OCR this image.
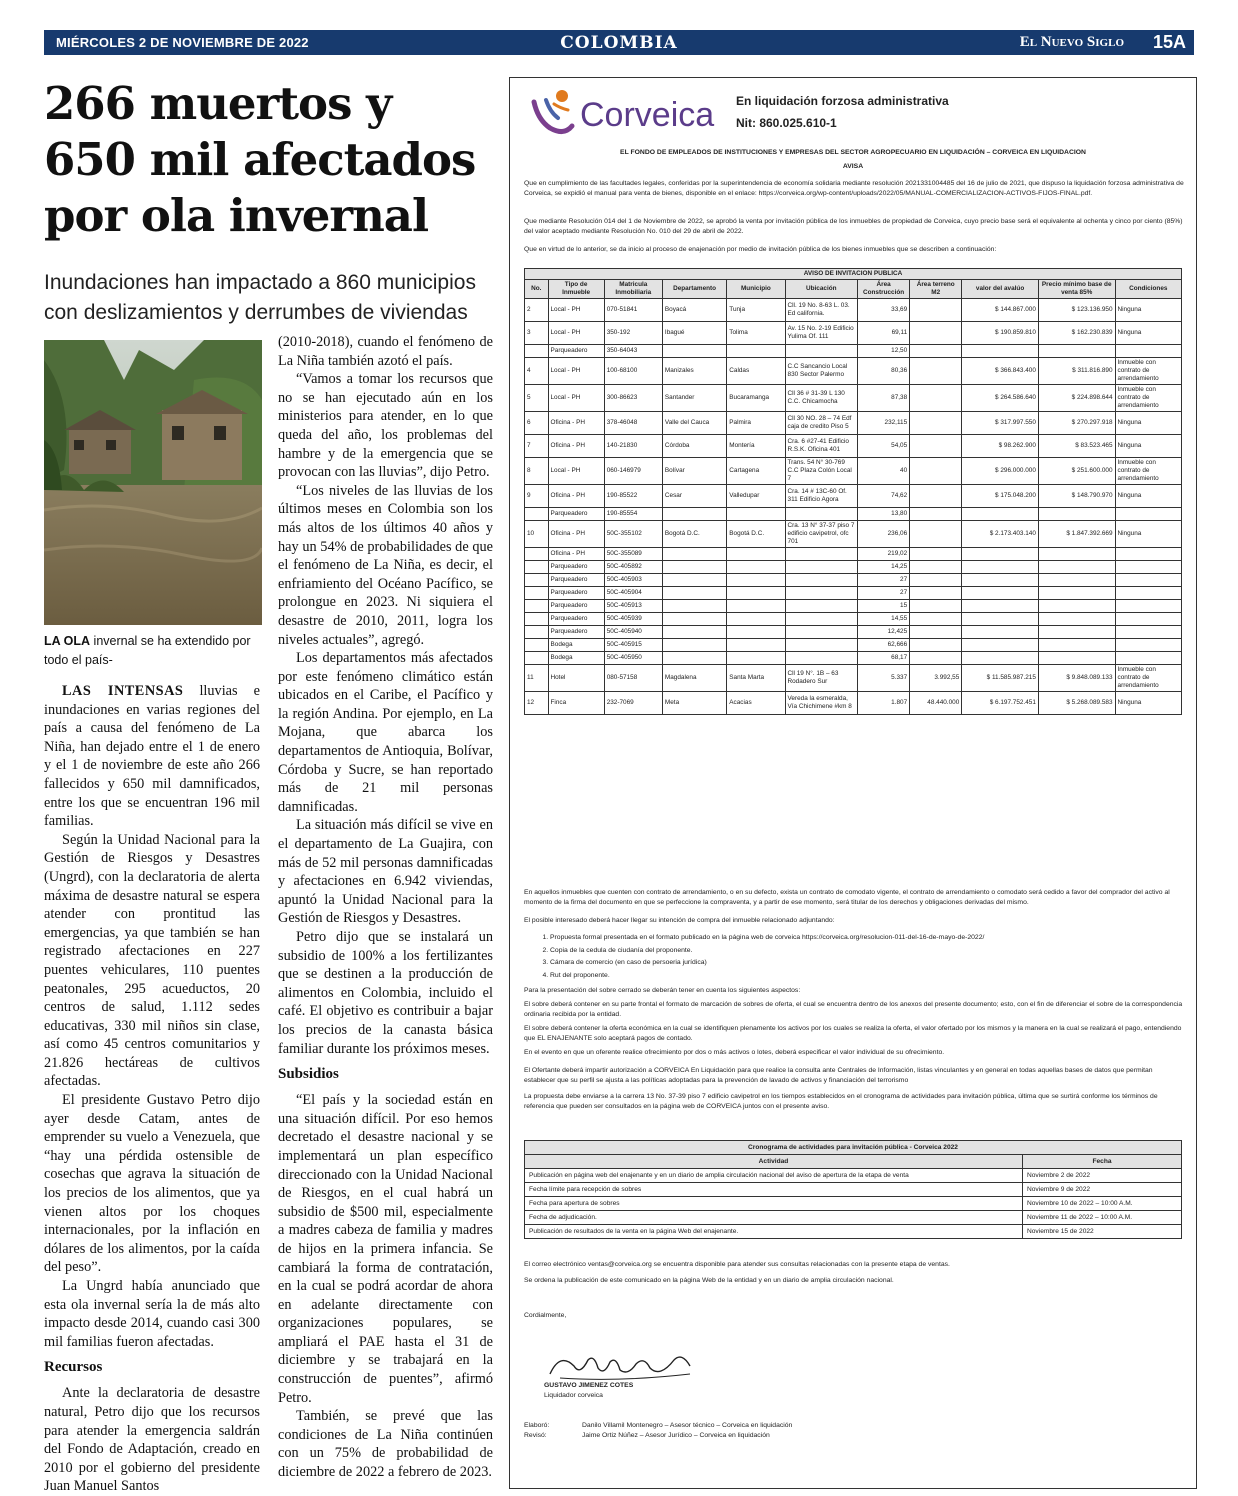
MIÉRCOLES 2 DE NOVIEMBRE DE 2022	COLOMBIA	El Nuevo Siglo 15A
266 muertos y
650 mil afectados
por ola invernal

Inundaciones han impactado a 860 municipios con deslizamientos y derrumbes de viviendas

LA OLA invernal se ha extendido por todo el país-

LAS INTENSAS lluvias e inundaciones en varias regiones del país a causa del fenómeno de La Niña, han dejado entre el 1 de enero y el 1 de noviembre de este año 266 fallecidos y 650 mil damnificados, entre los que se encuentran 196 mil familias.

Según la Unidad Nacional para la Gestión de Riesgos y Desastres (Ungrd), con la declaratoria de alerta máxima de desastre natural se espera atender con prontitud las emergencias, ya que también se han registrado afectaciones en 227 puentes vehiculares, 110 puentes peatonales, 295 acueductos, 20 centros de salud, 1.112 sedes educativas, 330 mil niños sin clase, así como 45 centros comunitarios y 21.826 hectáreas de cultivos afectadas.

El presidente Gustavo Petro dijo ayer desde Catam, antes de emprender su vuelo a Venezuela, que “hay una pérdida ostensible de cosechas que agrava la situación de los precios de los alimentos, que ya vienen altos por los choques internacionales, por la inflación en dólares de los alimentos, por la caída del peso”.

La Ungrd había anunciado que esta ola invernal sería la de más alto impacto desde 2014, cuando casi 300 mil familias fueron afectadas.

Recursos

Ante la declaratoria de desastre natural, Petro dijo que los recursos para atender la emergencia saldrán del Fondo de Adaptación, creado en 2010 por el gobierno del presidente Juan Manuel Santos

(2010-2018), cuando el fenómeno de La Niña también azotó el país.

“Vamos a tomar los recursos que no se han ejecutado aún en los ministerios para atender, en lo que queda del año, los problemas del hambre y de la emergencia que se provocan con las lluvias”, dijo Petro.

“Los niveles de las lluvias de los últimos meses en Colombia son los más altos de los últimos 40 años y hay un 54% de probabilidades de que el fenómeno de La Niña, es decir, el enfriamiento del Océano Pacífico, se prolongue en 2023. Ni siquiera el desastre de 2010, 2011, logra los niveles actuales”, agregó.

Los departamentos más afectados por este fenómeno climático están ubicados en el Caribe, el Pacífico y la región Andina. Por ejemplo, en La Mojana, que abarca los departamentos de Antioquia, Bolívar, Córdoba y Sucre, se han reportado más de 21 mil personas damnificadas.

La situación más difícil se vive en el departamento de La Guajira, con más de 52 mil personas damnificadas y afectaciones en 6.942 viviendas, apuntó la Unidad Nacional para la Gestión de Riesgos y Desastres.

Petro dijo que se instalará un subsidio de 100% a los fertilizantes que se destinen a la producción de alimentos en Colombia, incluido el café. El objetivo es contribuir a bajar los precios de la canasta básica familiar durante los próximos meses.

Subsidios

“El país y la sociedad están en una situación difícil. Por eso hemos decretado el desastre nacional y se implementará un plan específico direccionado con la Unidad Nacional de Riesgos, en el cual habrá un subsidio de $500 mil, especialmente a madres cabeza de familia y madres de hijos en la primera infancia. Se cambiará la forma de contratación, en la cual se podrá acordar de ahora en adelante directamente con organizaciones populares, se ampliará el PAE hasta el 31 de diciembre y se trabajará en la construcción de puentes”, afirmó Petro.

También, se prevé que las condiciones de La Niña continúen con un 75% de probabilidad de diciembre de 2022 a febrero de 2023.

Corveica En liquidación forzosa administrativa
Nit: 860.025.610-1
EL FONDO DE EMPLEADOS DE INSTITUCIONES Y EMPRESAS DEL SECTOR AGROPECUARIO EN LIQUIDACIÓN – CORVEICA EN LIQUIDACION
AVISA

Que en cumplimiento de las facultades legales, conferidas por la superintendencia de economía solidaria mediante resolución 2021331004485 del 16 de julio de 2021, que dispuso la liquidación forzosa administrativa de Corveica, se expidió el manual para venta de bienes, disponible en el enlace: https://corveica.org/wp-content/uploads/2022/05/MANUAL-COMERCIALIZACION-ACTIVOS-FIJOS-FINAL.pdf.

Que mediante Resolución 014 del 1 de Noviembre de 2022, se aprobó la venta por invitación pública de los inmuebles de propiedad de Corveica, cuyo precio base será el equivalente al ochenta y cinco por ciento (85%) del valor aceptado mediante Resolución No. 010 del 29 de abril de 2022.

Que en virtud de lo anterior, se da inicio al proceso de enajenación por medio de invitación pública de los bienes inmuebles que se describen a continuación:

AVISO DE INVITACION PUBLICA										
No.	Tipo de Inmueble	Matricula Inmobiliaria	Departamento	Municipio	Ubicación	Área Construcción	Área terreno M2	valor del avalúo	Precio mínimo base de venta 85%	Condiciones
2	Local - PH	070-51841	Boyacá	Tunja	Cll. 19 No. 8-63 L. 03. Ed california.	33,69		$ 144.867.000	$ 123.136.950	Ninguna
3	Local - PH	350-192	Ibagué	Tolima	Av. 15 No. 2-19 Edificio Yulima Of. 111	69,11		$ 190.859.810	$ 162.230.839	Ninguna
	Parqueadero	350-64043				12,50				
4	Local - PH	100-68100	Manizales	Caldas	C.C Sancancio Local 830 Sector Palermo	80,36		$ 366.843.400	$ 311.816.890	Inmueble con contrato de arrendamiento
5	Local - PH	300-86623	Santander	Bucaramanga	Cll 36 # 31-39 L 130 C.C. Chicamocha	87,38		$ 264.586.640	$ 224.898.644	Inmueble con contrato de arrendamiento
6	Oficina - PH	378-46048	Valle del Cauca	Palmira	Cll 30 NO. 28 – 74 Edf caja de credito Piso 5	232,115		$ 317.997.550	$ 270.297.918	Ninguna
7	Oficina - PH	140-21830	Córdoba	Montería	Cra. 6 #27-41 Edificio R.S.K. Oficina 401	54,05		$ 98.262.900	$ 83.523.465	Ninguna
8	Local - PH	060-146979	Bolívar	Cartagena	Trans. 54 N° 30-769 C.C Plaza Colón Local 7	40		$ 296.000.000	$ 251.600.000	Inmueble con contrato de arrendamiento
9	Oficina - PH	190-85522	Cesar	Valledupar	Cra. 14 # 13C-60 Of. 311 Edificio Agora	74,62		$ 175.048.200	$ 148.790.970	Ninguna
	Parqueadero	190-85554				13,80				
10	Oficina - PH	50C-355102	Bogotá D.C.	Bogotá D.C.	Cra. 13 N° 37-37 piso 7 edificio cavipetrol, ofc 701	236,06		$ 2.173.403.140	$ 1.847.392.669	Ninguna
	Oficina - PH	50C-355089				219,02				
	Parqueadero	50C-405892				14,25				
	Parqueadero	50C-405903				27				
	Parqueadero	50C-405904				27				
	Parqueadero	50C-405913				15				
	Parqueadero	50C-405939				14,55				
	Parqueadero	50C-405940				12,425				
	Bodega	50C-405915				62,666				
	Bodega	50C-405950				68,17				
11	Hotel	080-57158	Magdalena	Santa Marta	Cll 19 N°. 1B – 63 Rodadero Sur	5.337	3.992,55	$ 11.585.987.215	$ 9.848.089.133	Inmueble con contrato de arrendamiento
12	Finca	232-7069	Meta	Acacias	Vereda la esmeralda, Vía Chichimene #km 8	1.807	48.440.000	$ 6.197.752.451	$ 5.268.089.583	Ninguna

En aquellos inmuebles que cuenten con contrato de arrendamiento, o en su defecto, exista un contrato de comodato vigente, el contrato de arrendamiento o comodato será cedido a favor del comprador del activo al momento de la firma del documento en que se perfeccione la compraventa, y a partir de ese momento, será titular de los derechos y obligaciones derivadas del mismo.

El posible interesado deberá hacer llegar su intención de compra del inmueble relacionado adjuntando:

1. Propuesta formal presentada en el formato publicado en la página web de corveica https://corveica.org/resolucion-011-del-16-de-mayo-de-2022/
2. Copia de la cedula de ciudanía del proponente.
3. Cámara de comercio (en caso de persoeria jurídica)
4. Rut del proponente.

Para la presentación del sobre cerrado se deberán tener en cuenta los siguientes aspectos:

El sobre deberá contener en su parte frontal el formato de marcación de sobres de oferta, el cual se encuentra dentro de los anexos del presente documento; esto, con el fin de diferenciar el sobre de la correspondencia ordinaria recibida por la entidad.

El sobre deberá contener la oferta económica en la cual se identifiquen plenamente los activos por los cuales se realiza la oferta, el valor ofertado por los mismos y la manera en la cual se realizará el pago, entendiendo que EL ENAJENANTE solo aceptará pagos de contado.

En el evento en que un oferente realice ofrecimiento por dos o más activos o lotes, deberá especificar el valor individual de su ofrecimiento.

El Ofertante deberá impartir autorización a CORVEICA En Liquidación para que realice la consulta ante Centrales de Información, listas vinculantes y en general en todas aquellas bases de datos que permitan establecer que su perfil se ajusta a las políticas adoptadas para la prevención de lavado de activos y financiación del terrorismo

La propuesta debe enviarse a la carrera 13 No. 37-39 piso 7 edificio cavipetrol en los tiempos establecidos en el cronograma de actividades para invitación pública, última que se surtirá conforme los términos de referencia que pueden ser consultados en la página web de CORVEICA juntos con el presente aviso.

Cronograma de actividades para invitación pública - Corveica 2022	
Actividad	Fecha
Publicación en página web del enajenante y en un diario de amplia circulación nacional del aviso de apertura de la etapa de venta	Noviembre 2 de 2022
Fecha límite para recepción de sobres	Noviembre 9 de 2022
Fecha para apertura de sobres	Noviembre 10 de 2022 – 10:00 A.M.
Fecha de adjudicación.	Noviembre 11 de 2022 – 10:00 A.M.
Publicación de resultados de la venta en la página Web del enajenante.	Noviembre 15 de 2022

El correo electrónico ventas@corveica.org se encuentra disponible para atender sus consultas relacionadas con la presente etapa de ventas.

Se ordena la publicación de este comunicado en la página Web de la entidad y en un diario de amplia circulación nacional.

Cordialmente,

GUSTAVO JIMENEZ COTES
Liquidador corveica
Elaboró:	Danilo Villamil Montenegro – Asesor técnico – Corveica en liquidación
Revisó:	Jaime Ortiz Núñez – Asesor Jurídico – Corveica en liquidación
